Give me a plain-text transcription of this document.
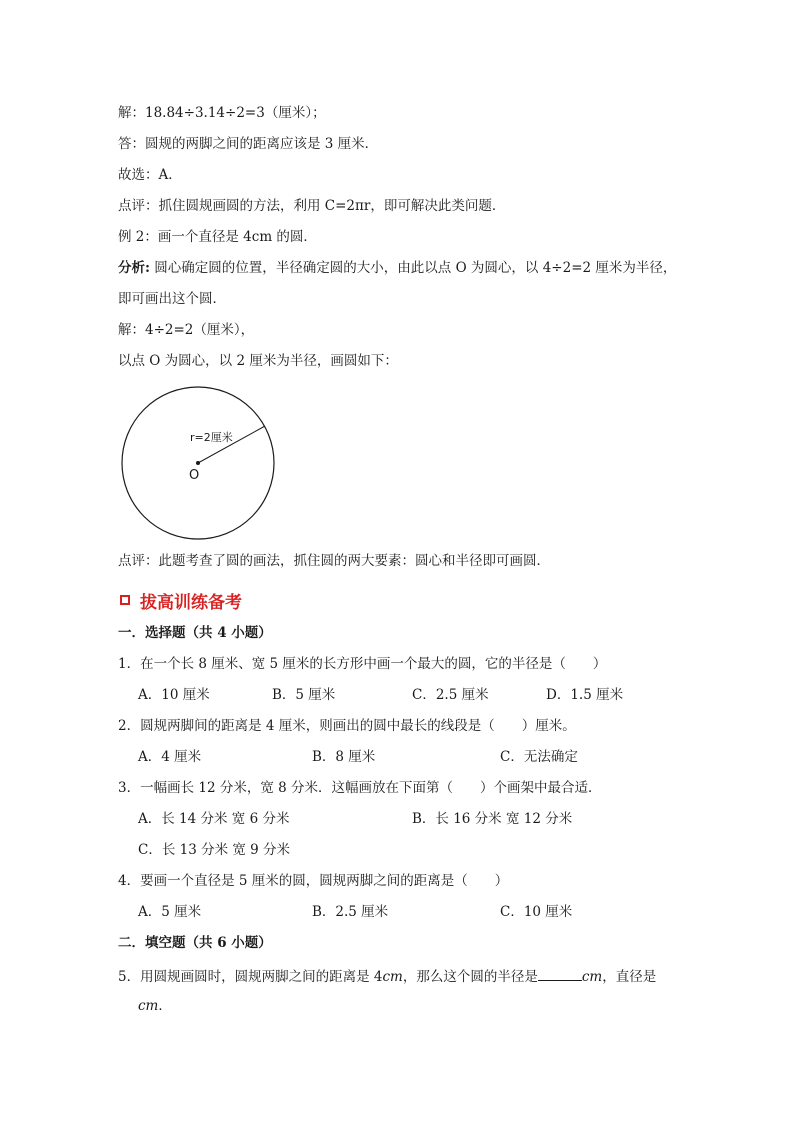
解：18.84÷3.14÷2=3（厘米）；
答：圆规的两脚之间的距离应该是 3 厘米．
故选：A．
点评：抓住圆规画圆的方法，利用 C=2πr，即可解决此类问题．
例 2：画一个直径是 4cm 的圆．
分析: 圆心确定圆的位置，半径确定圆的大小，由此以点 O 为圆心，以 4÷2=2 厘米为半径，
即可画出这个圆．
解：4÷2=2（厘米），
以点 O 为圆心，以 2 厘米为半径，画圆如下：
r=2厘米
O
点评：此题考查了圆的画法，抓住圆的两大要素：圆心和半径即可画圆．
拔高训练备考
一．选择题（共 4 小题）
1．在一个长 8 厘米、宽 5 厘米的长方形中画一个最大的圆，它的半径是（　　）
A．10 厘米	B．5 厘米	C．2.5 厘米	D．1.5 厘米
2．圆规两脚间的距离是 4 厘米，则画出的圆中最长的线段是（　　）厘米。
A．4 厘米	B．8 厘米	C．无法确定
3．一幅画长 12 分米，宽 8 分米．这幅画放在下面第（　　）个画架中最合适．
A．长 14 分米 宽 6 分米	B．长 16 分米 宽 12 分米
C．长 13 分米 宽 9 分米
4．要画一个直径是 5 厘米的圆，圆规两脚之间的距离是（　　）
A．5 厘米	B．2.5 厘米	C．10 厘米
二．填空题（共 6 小题）
5．用圆规画圆时，圆规两脚之间的距离是 4cm，那么这个圆的半径是	cm，直径是
cm．
